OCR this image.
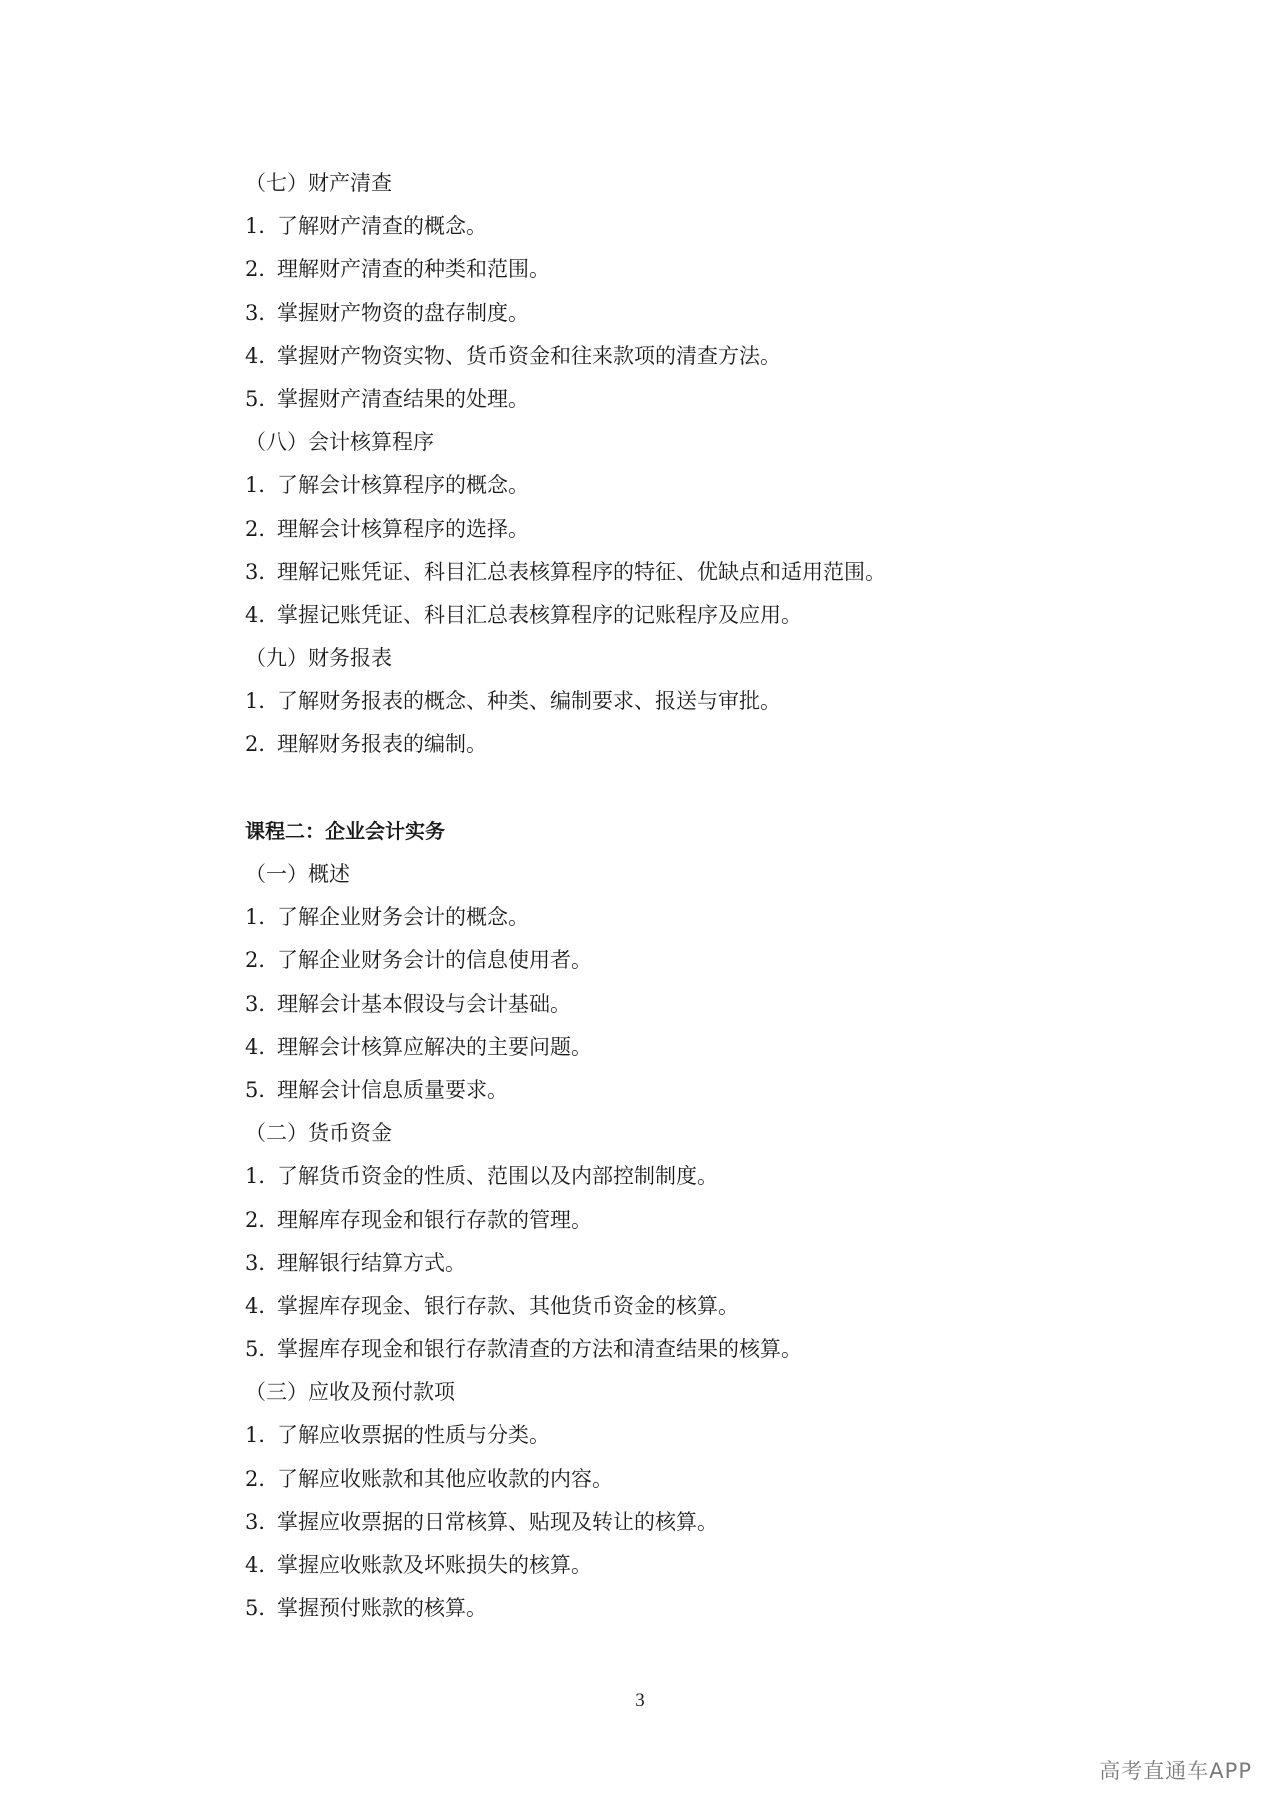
（七）财产清查
1．了解财产清查的概念。
2．理解财产清查的种类和范围。
3．掌握财产物资的盘存制度。
4．掌握财产物资实物、货币资金和往来款项的清查方法。
5．掌握财产清查结果的处理。
（八）会计核算程序
1．了解会计核算程序的概念。
2．理解会计核算程序的选择。
3．理解记账凭证、科目汇总表核算程序的特征、优缺点和适用范围。
4．掌握记账凭证、科目汇总表核算程序的记账程序及应用。
（九）财务报表
1．了解财务报表的概念、种类、编制要求、报送与审批。
2．理解财务报表的编制。
课程二：企业会计实务
（一）概述
1．了解企业财务会计的概念。
2．了解企业财务会计的信息使用者。
3．理解会计基本假设与会计基础。
4．理解会计核算应解决的主要问题。
5．理解会计信息质量要求。
（二）货币资金
1．了解货币资金的性质、范围以及内部控制制度。
2．理解库存现金和银行存款的管理。
3．理解银行结算方式。
4．掌握库存现金、银行存款、其他货币资金的核算。
5．掌握库存现金和银行存款清查的方法和清查结果的核算。
（三）应收及预付款项
1．了解应收票据的性质与分类。
2．了解应收账款和其他应收款的内容。
3．掌握应收票据的日常核算、贴现及转让的核算。
4．掌握应收账款及坏账损失的核算。
5．掌握预付账款的核算。
3
高考直通车APP
